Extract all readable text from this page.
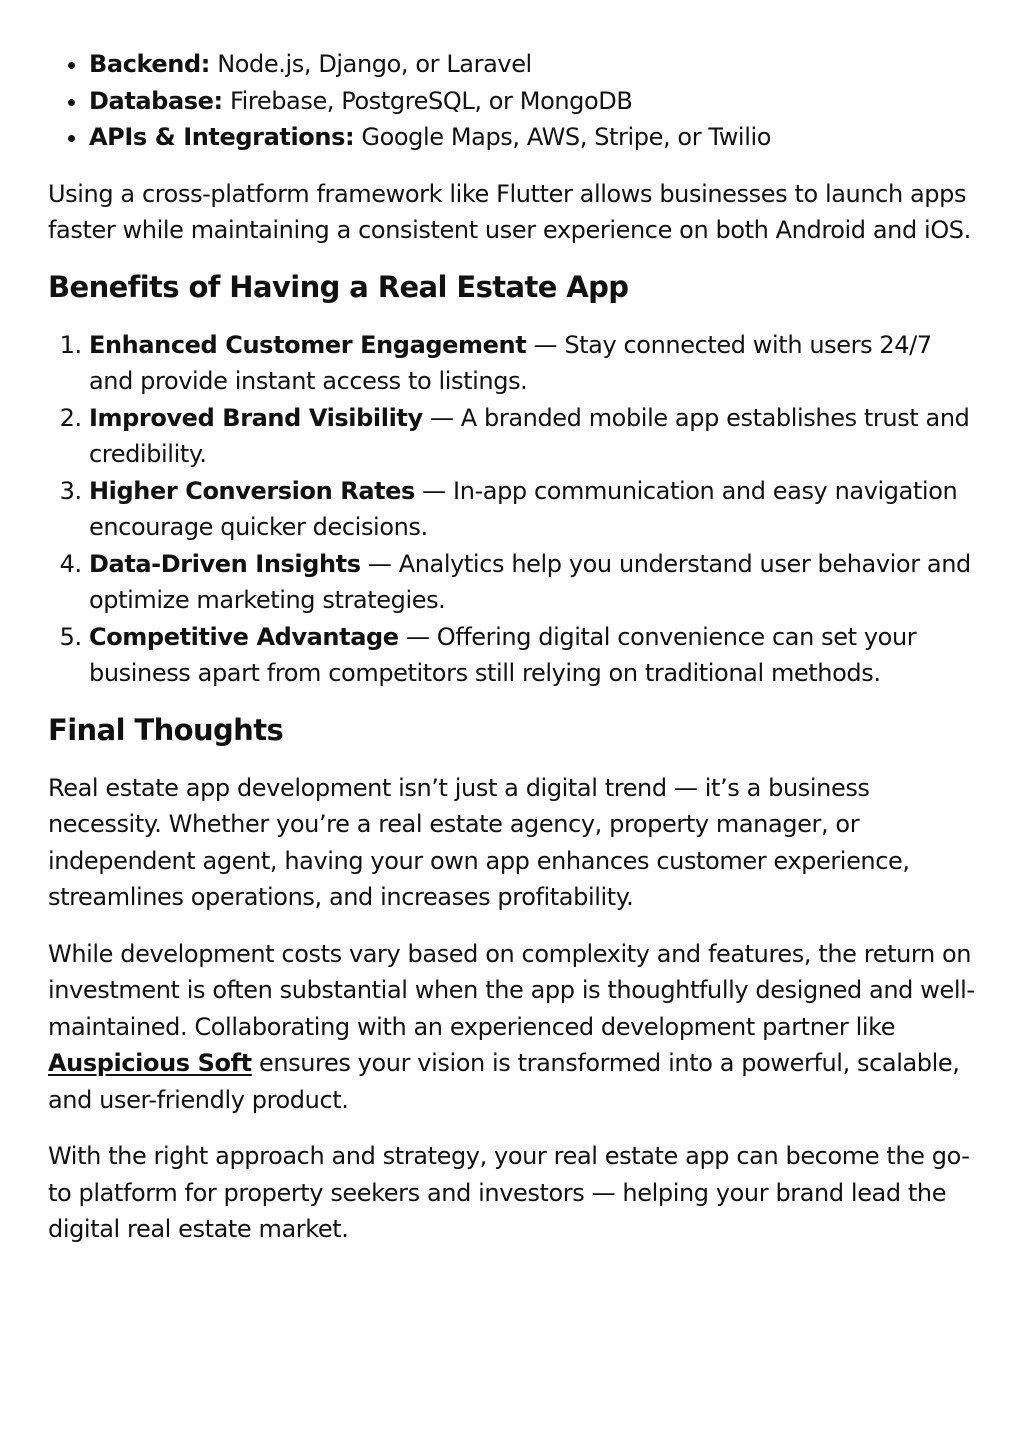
• Backend: Node.js, Django, or Laravel
• Database: Firebase, PostgreSQL, or MongoDB
• APIs & Integrations: Google Maps, AWS, Stripe, or Twilio

Using a cross-platform framework like Flutter allows businesses to launch apps faster while maintaining a consistent user experience on both Android and iOS.

Benefits of Having a Real Estate App
1. Enhanced Customer Engagement — Stay connected with users 24/7 and provide instant access to listings.
2. Improved Brand Visibility — A branded mobile app establishes trust and credibility.
3. Higher Conversion Rates — In-app communication and easy navigation encourage quicker decisions.
4. Data-Driven Insights — Analytics help you understand user behavior and optimize marketing strategies.
5. Competitive Advantage — Offering digital convenience can set your business apart from competitors still relying on traditional methods.
Final Thoughts

Real estate app development isn’t just a digital trend — it’s a business necessity. Whether you’re a real estate agency, property manager, or independent agent, having your own app enhances customer experience, streamlines operations, and increases profitability.

While development costs vary based on complexity and features, the return on investment is often substantial when the app is thoughtfully designed and well-maintained. Collaborating with an experienced development partner like Auspicious Soft ensures your vision is transformed into a powerful, scalable, and user-friendly product.

With the right approach and strategy, your real estate app can become the go-to platform for property seekers and investors — helping your brand lead the digital real estate market.
